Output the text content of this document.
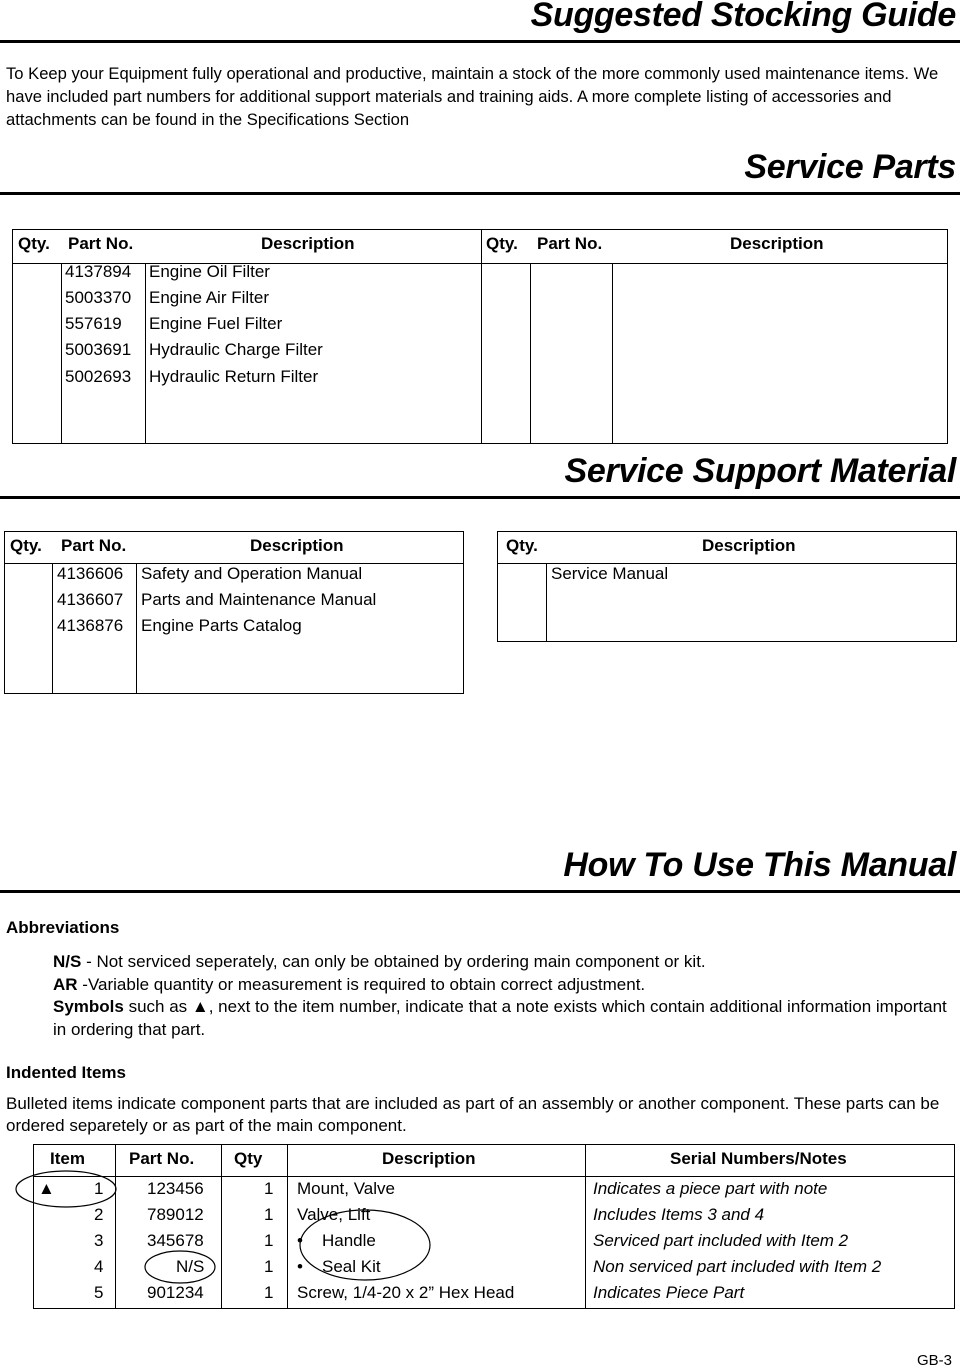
Suggested Stocking Guide
To Keep your Equipment fully operational and productive, maintain a stock of the more commonly used maintenance items. We have included part numbers for additional support materials and training aids. A more complete listing of accessories and attachments can be found in the Specifications Section
Service Parts
Qty. Part No.	Description	Qty. Part No.	Description
4137894 Engine Oil Filter
5003370 Engine Air Filter
557619 Engine Fuel Filter
5003691 Hydraulic Charge Filter
5002693 Hydraulic Return Filter
Service Support Material
Qty. Part No.	Description
4136606 Safety and Operation Manual
4136607 Parts and Maintenance Manual
4136876 Engine Parts Catalog
Qty.	Description
Service Manual
How To Use This Manual
Abbreviations
N/S - Not serviced seperately, can only be obtained by ordering main component or kit.
AR -Variable quantity or measurement is required to obtain correct adjustment.
Symbols such as ▲, next to the item number, indicate that a note exists which contain additional information important in ordering that part.
Indented Items
Bulleted items indicate component parts that are included as part of an assembly or another component. These parts can be ordered separetely or as part of the main component.
Item	Part No. Qty	Description	Serial Numbers/Notes
▲ 1	123456	1 Mount, Valve	Indicates a piece part with note
2	789012	1 Valve, Lift	Includes Items 3 and 4
3	345678	1 • Handle	Serviced part included with Item 2
4	N/S	1 • Seal Kit	Non serviced part included with Item 2
5	901234	1 Screw, 1/4-20 x 2” Hex Head	Indicates Piece Part
GB-3
